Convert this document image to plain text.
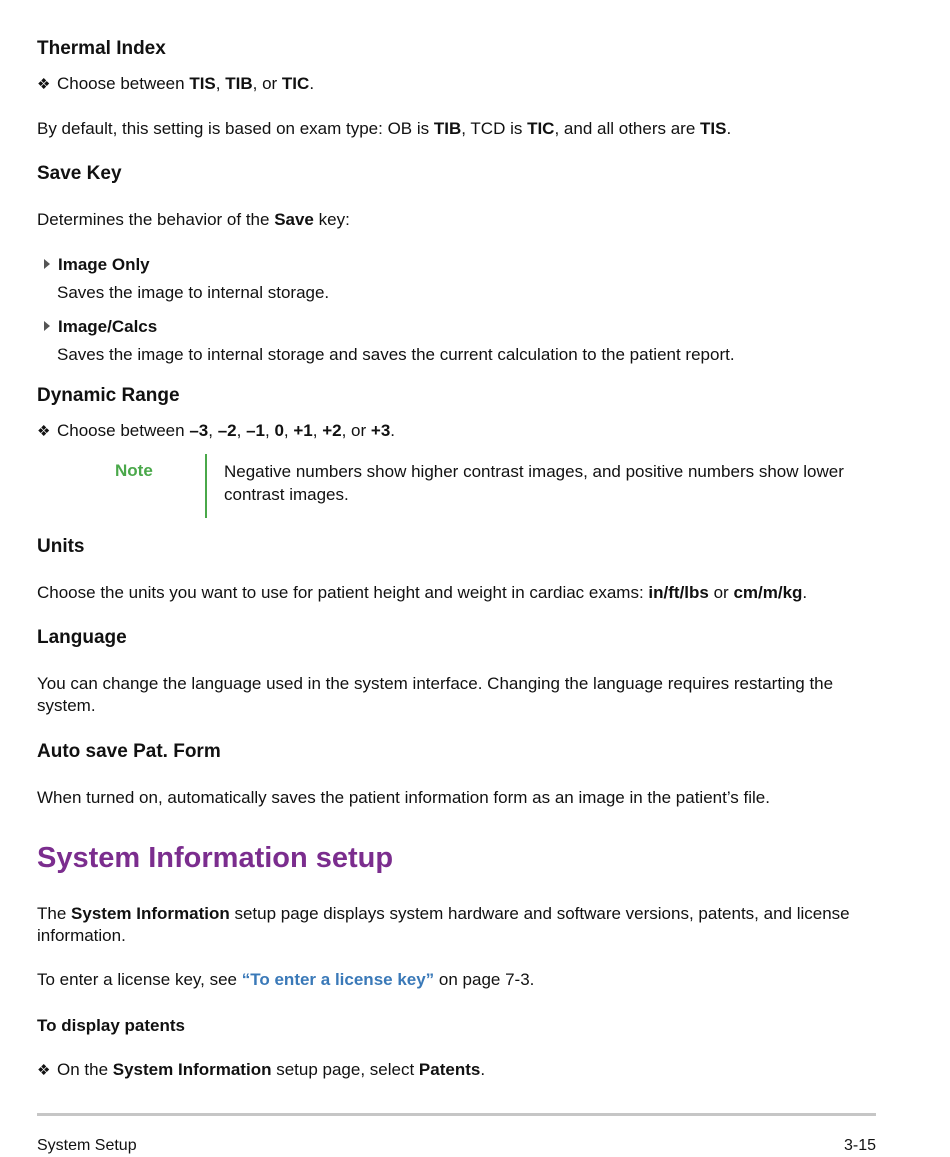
Thermal Index
❖ Choose between TIS, TIB, or TIC.
By default, this setting is based on exam type: OB is TIB, TCD is TIC, and all others are TIS.
Save Key
Determines the behavior of the Save key:
Image Only
Saves the image to internal storage.
Image/Calcs
Saves the image to internal storage and saves the current calculation to the patient report.
Dynamic Range
❖ Choose between –3, –2, –1, 0, +1, +2, or +3.
Note	Negative numbers show higher contrast images, and positive numbers show lower contrast images.
Units
Choose the units you want to use for patient height and weight in cardiac exams: in/ft/lbs or cm/m/kg.
Language
You can change the language used in the system interface. Changing the language requires restarting the system.
Auto save Pat. Form
When turned on, automatically saves the patient information form as an image in the patient’s file.
System Information setup
The System Information setup page displays system hardware and software versions, patents, and license information.
To enter a license key, see “To enter a license key” on page 7-3.
To display patents
❖ On the System Information setup page, select Patents.
System Setup	3-15
